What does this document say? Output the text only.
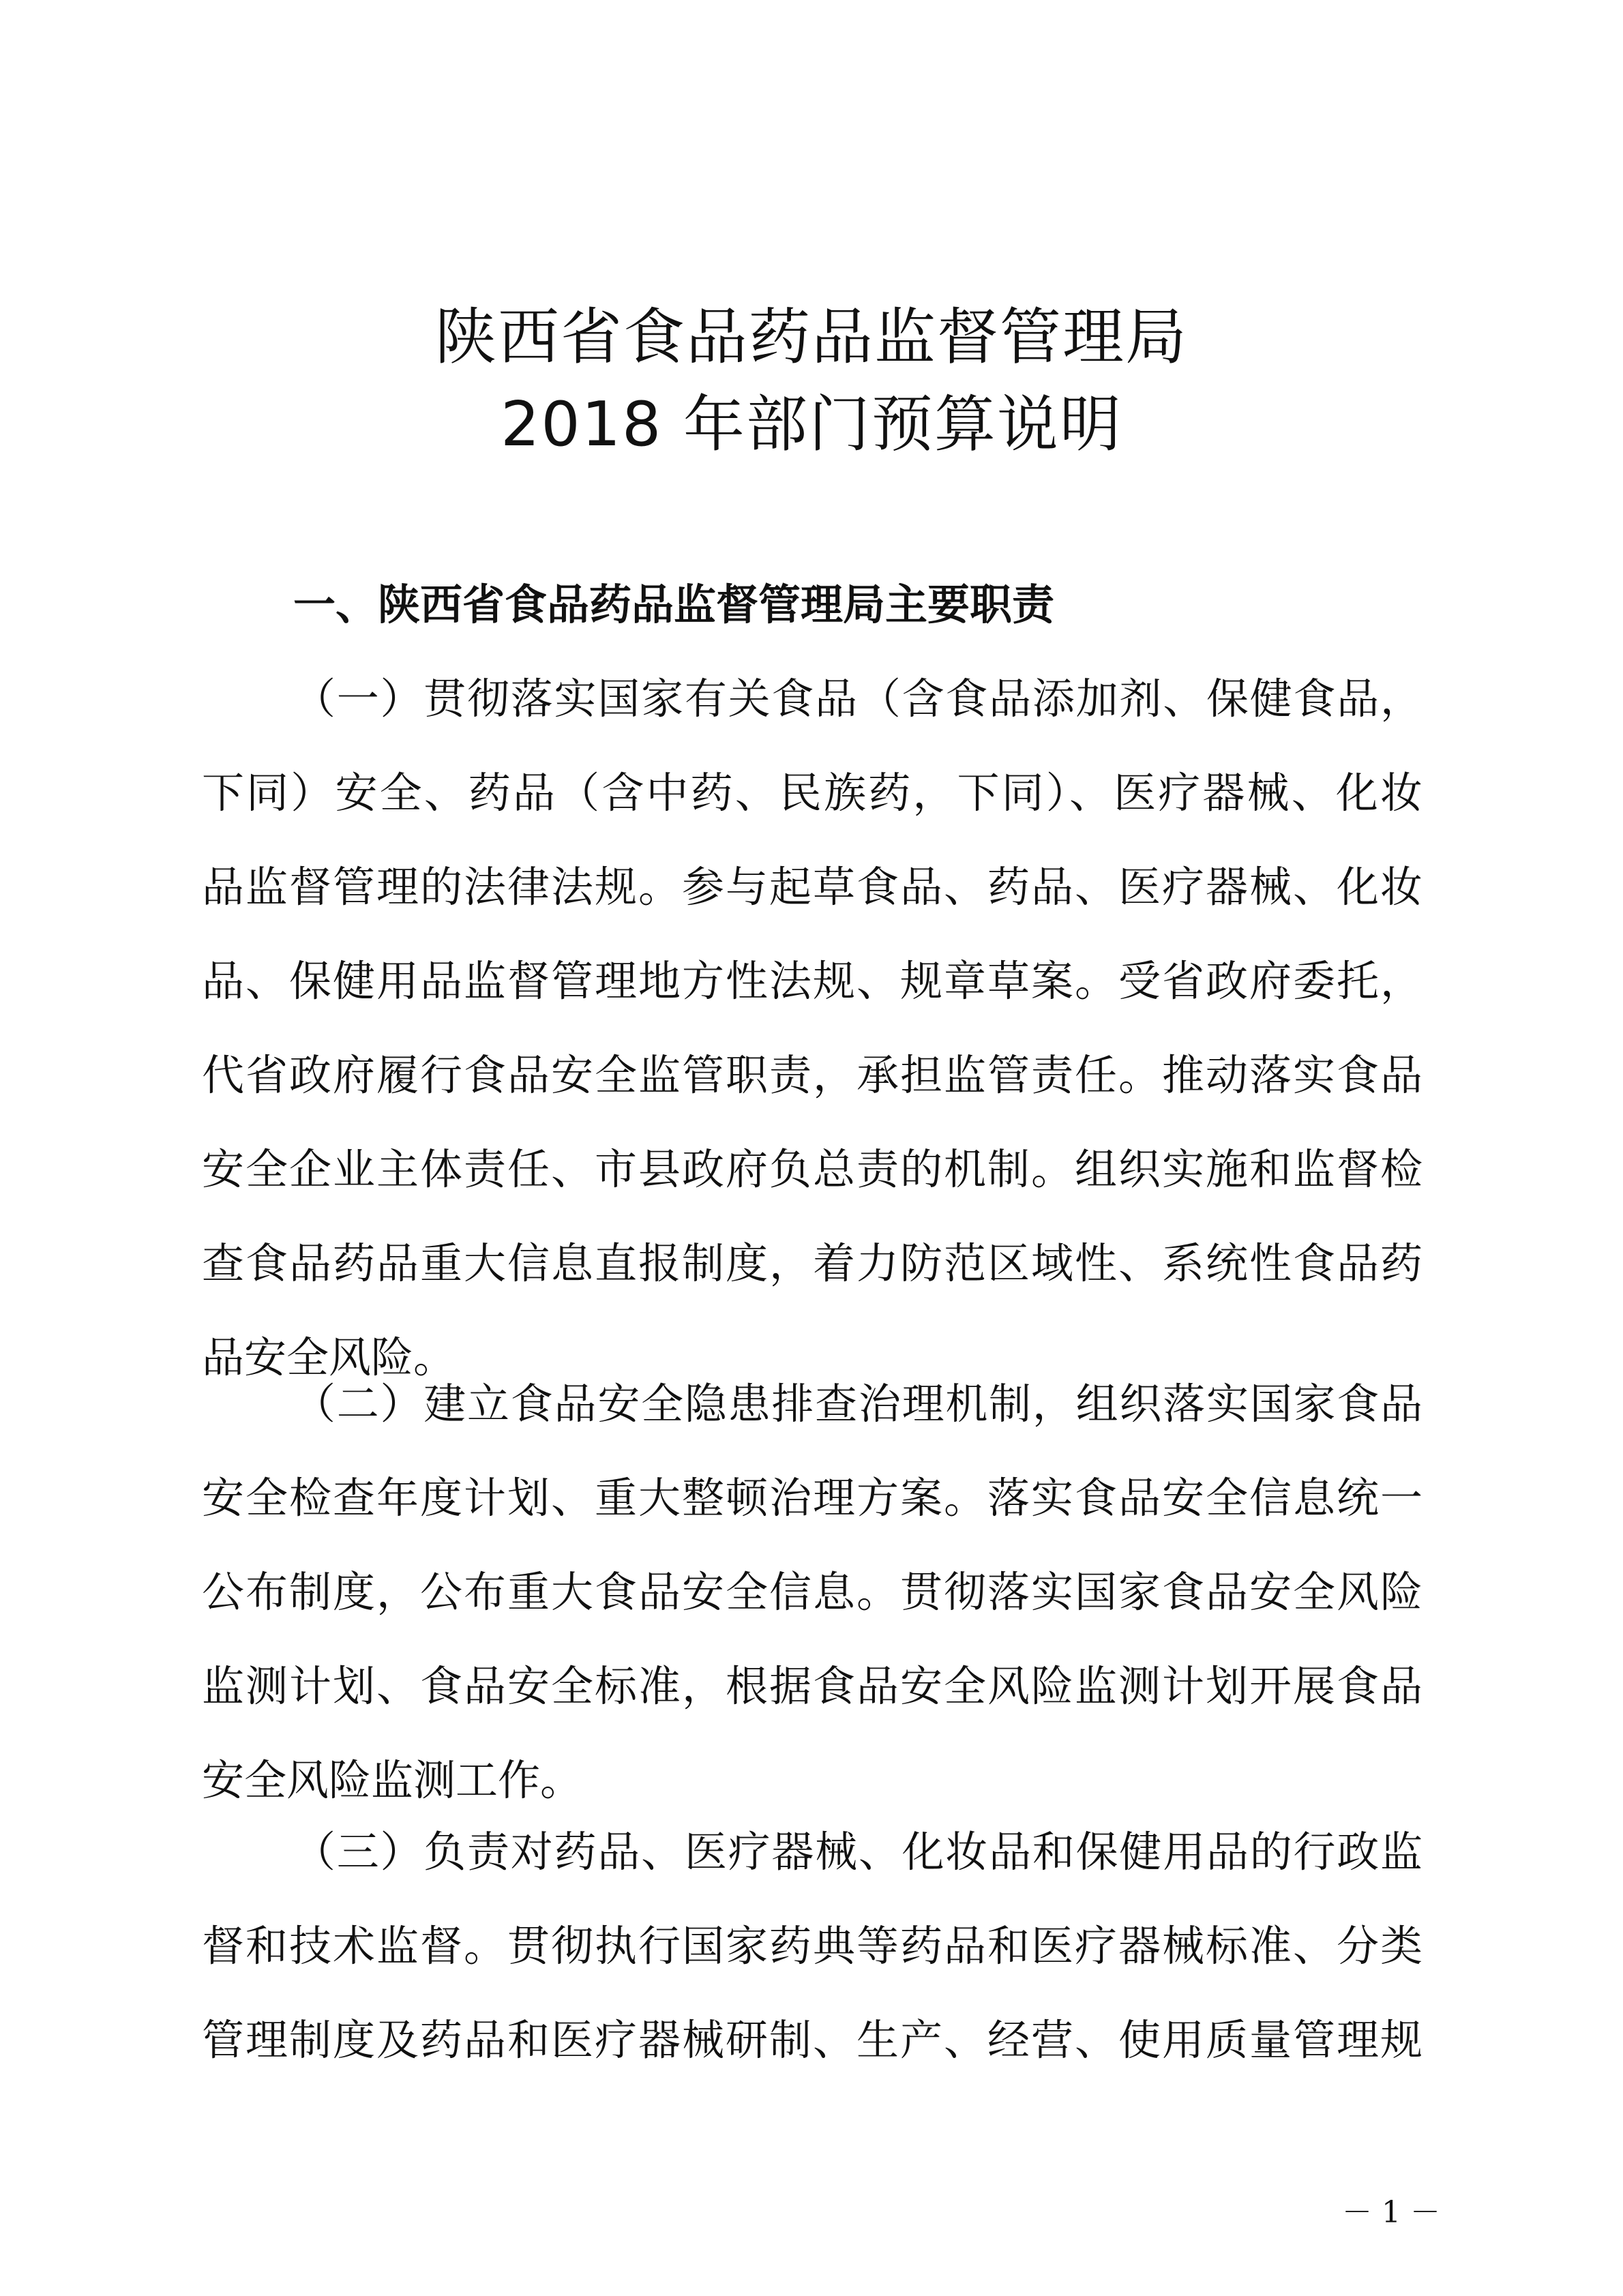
陕西省食品药品监督管理局
2018 年部门预算说明
一、陕西省食品药品监督管理局主要职责

（一）贯彻落实国家有关食品（含食品添加剂、保健食品，
下同）安全、药品（含中药、民族药，下同）、医疗器械、化妆
品监督管理的法律法规。参与起草食品、药品、医疗器械、化妆
品、保健用品监督管理地方性法规、规章草案。受省政府委托，
代省政府履行食品安全监管职责，承担监管责任。推动落实食品
安全企业主体责任、市县政府负总责的机制。组织实施和监督检
查食品药品重大信息直报制度，着力防范区域性、系统性食品药
品安全风险。

（二）建立食品安全隐患排查治理机制，组织落实国家食品
安全检查年度计划、重大整顿治理方案。落实食品安全信息统一
公布制度，公布重大食品安全信息。贯彻落实国家食品安全风险
监测计划、食品安全标准，根据食品安全风险监测计划开展食品
安全风险监测工作。

（三）负责对药品、医疗器械、化妆品和保健用品的行政监
督和技术监督。贯彻执行国家药典等药品和医疗器械标准、分类
管理制度及药品和医疗器械研制、生产、经营、使用质量管理规

－ 1 －
